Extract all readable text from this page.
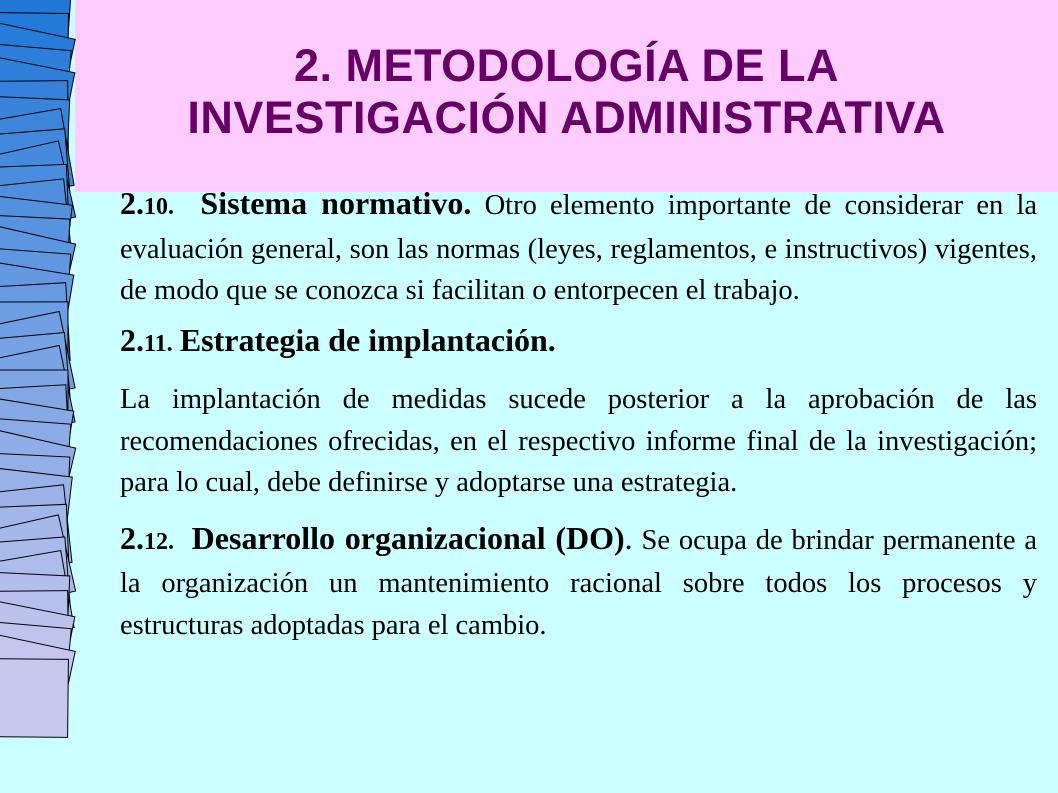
2. METODOLOGÍA DE LA
INVESTIGACIÓN ADMINISTRATIVA

2.10. Sistema normativo. Otro elemento importante de considerar en la evaluación general, son las normas (leyes, reglamentos, e instructivos) vigentes, de modo que se conozca si facilitan o entorpecen el trabajo.

2.11. Estrategia de implantación.

La implantación de medidas sucede posterior a la aprobación de las recomendaciones ofrecidas, en el respectivo informe final de la investigación; para lo cual, debe definirse y adoptarse una estrategia.

2.12. Desarrollo organizacional (DO). Se ocupa de brindar permanente a la organización un mantenimiento racional sobre todos los procesos y estructuras adoptadas para el cambio.
